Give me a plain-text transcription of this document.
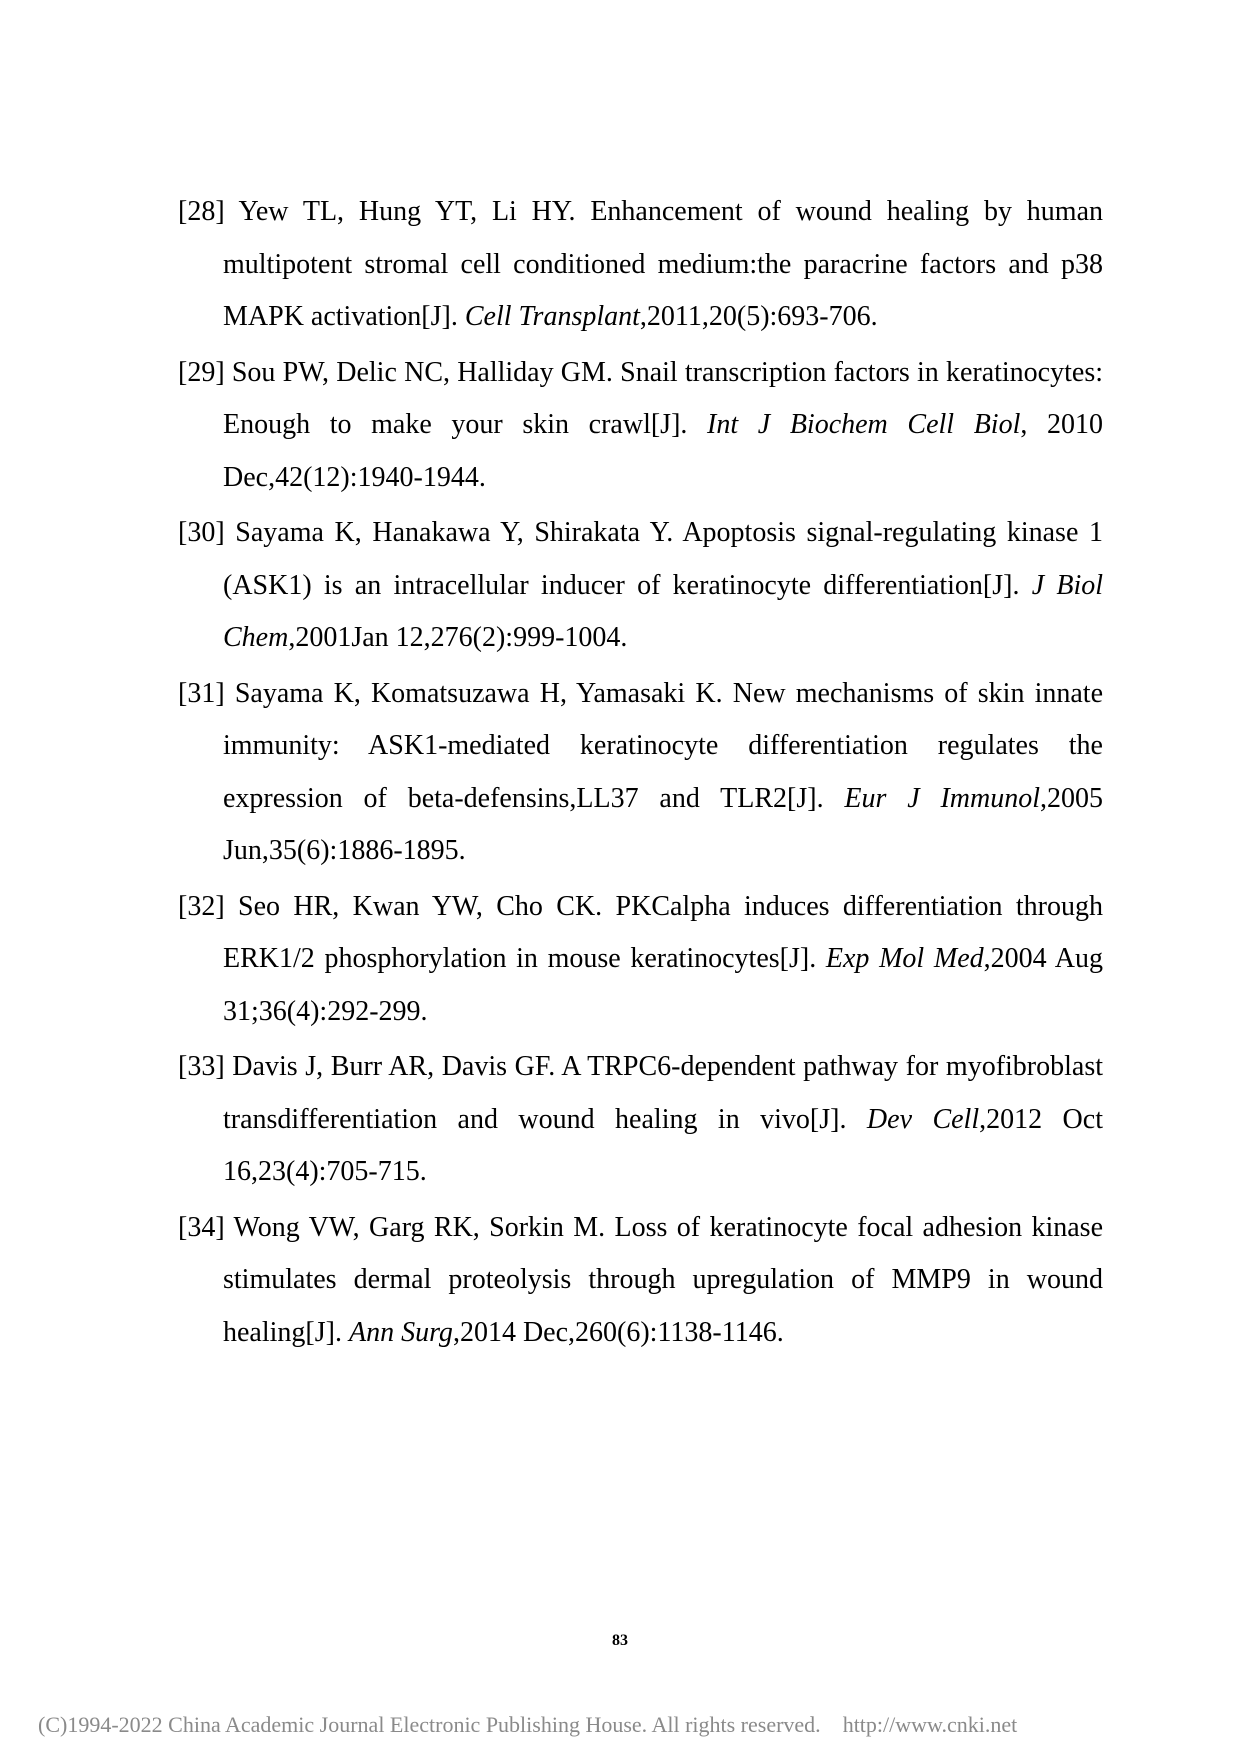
[28] Yew TL, Hung YT, Li HY. Enhancement of wound healing by human multipotent stromal cell conditioned medium:the paracrine factors and p38 MAPK activation[J]. Cell Transplant,2011,20(5):693-706.

[29] Sou PW, Delic NC, Halliday GM. Snail transcription factors in keratinocytes: Enough to make your skin crawl[J]. Int J Biochem Cell Biol, 2010 Dec,42(12):1940-1944.

[30] Sayama K, Hanakawa Y, Shirakata Y. Apoptosis signal-regulating kinase 1 (ASK1) is an intracellular inducer of keratinocyte differentiation[J]. J Biol Chem,2001Jan 12,276(2):999-1004.

[31] Sayama K, Komatsuzawa H, Yamasaki K. New mechanisms of skin innate immunity: ASK1-mediated keratinocyte differentiation regulates the expression of beta-defensins,LL37 and TLR2[J]. Eur J Immunol,2005 Jun,35(6):1886-1895.

[32] Seo HR, Kwan YW, Cho CK. PKCalpha induces differentiation through ERK1/2 phosphorylation in mouse keratinocytes[J]. Exp Mol Med,2004 Aug 31;36(4):292-299.

[33] Davis J, Burr AR, Davis GF. A TRPC6-dependent pathway for myofibroblast transdifferentiation and wound healing in vivo[J]. Dev Cell,2012 Oct 16,23(4):705-715.

[34] Wong VW, Garg RK, Sorkin M. Loss of keratinocyte focal adhesion kinase stimulates dermal proteolysis through upregulation of MMP9 in wound healing[J]. Ann Surg,2014 Dec,260(6):1138-1146.

83
(C)1994-2022 China Academic Journal Electronic Publishing House. All rights reserved. http://www.cnki.net
